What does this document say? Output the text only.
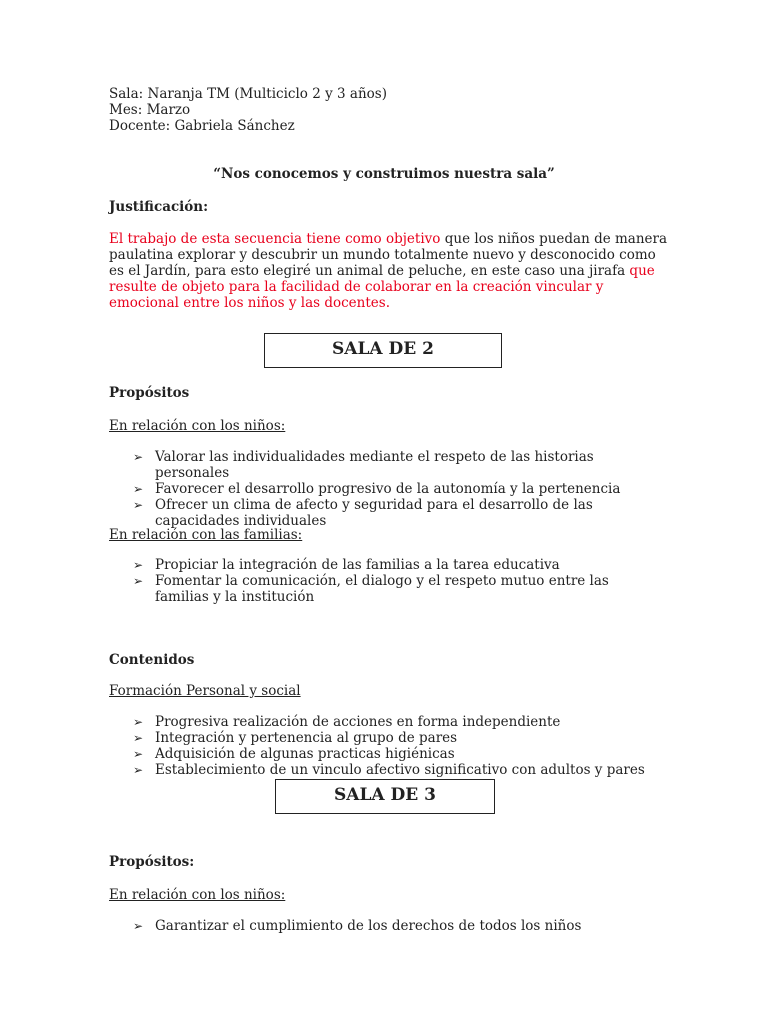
Sala: Naranja TM (Multiciclo 2 y 3 años)
Mes: Marzo
Docente: Gabriela Sánchez
“Nos conocemos y construimos nuestra sala”
Justificación:
El trabajo de esta secuencia tiene como objetivo que los niños puedan de manera paulatina explorar y descubrir un mundo totalmente nuevo y desconocido como es el Jardín, para esto elegiré un animal de peluche, en este caso una jirafa que resulte de objeto para la facilidad de colaborar en la creación vincular y emocional entre los niños y las docentes.
SALA DE 2
Propósitos
En relación con los niños:
➢ Valorar las individualidades mediante el respeto de las historias personales
➢ Favorecer el desarrollo progresivo de la autonomía y la pertenencia
➢ Ofrecer un clima de afecto y seguridad para el desarrollo de las capacidades individuales
En relación con las familias:
➢ Propiciar la integración de las familias a la tarea educativa
➢ Fomentar la comunicación, el dialogo y el respeto mutuo entre las familias y la institución
Contenidos
Formación Personal y social
➢ Progresiva realización de acciones en forma independiente
➢ Integración y pertenencia al grupo de pares
➢ Adquisición de algunas practicas higiénicas
➢ Establecimiento de un vinculo afectivo significativo con adultos y pares
SALA DE 3
Propósitos:
En relación con los niños:
➢ Garantizar el cumplimiento de los derechos de todos los niños
